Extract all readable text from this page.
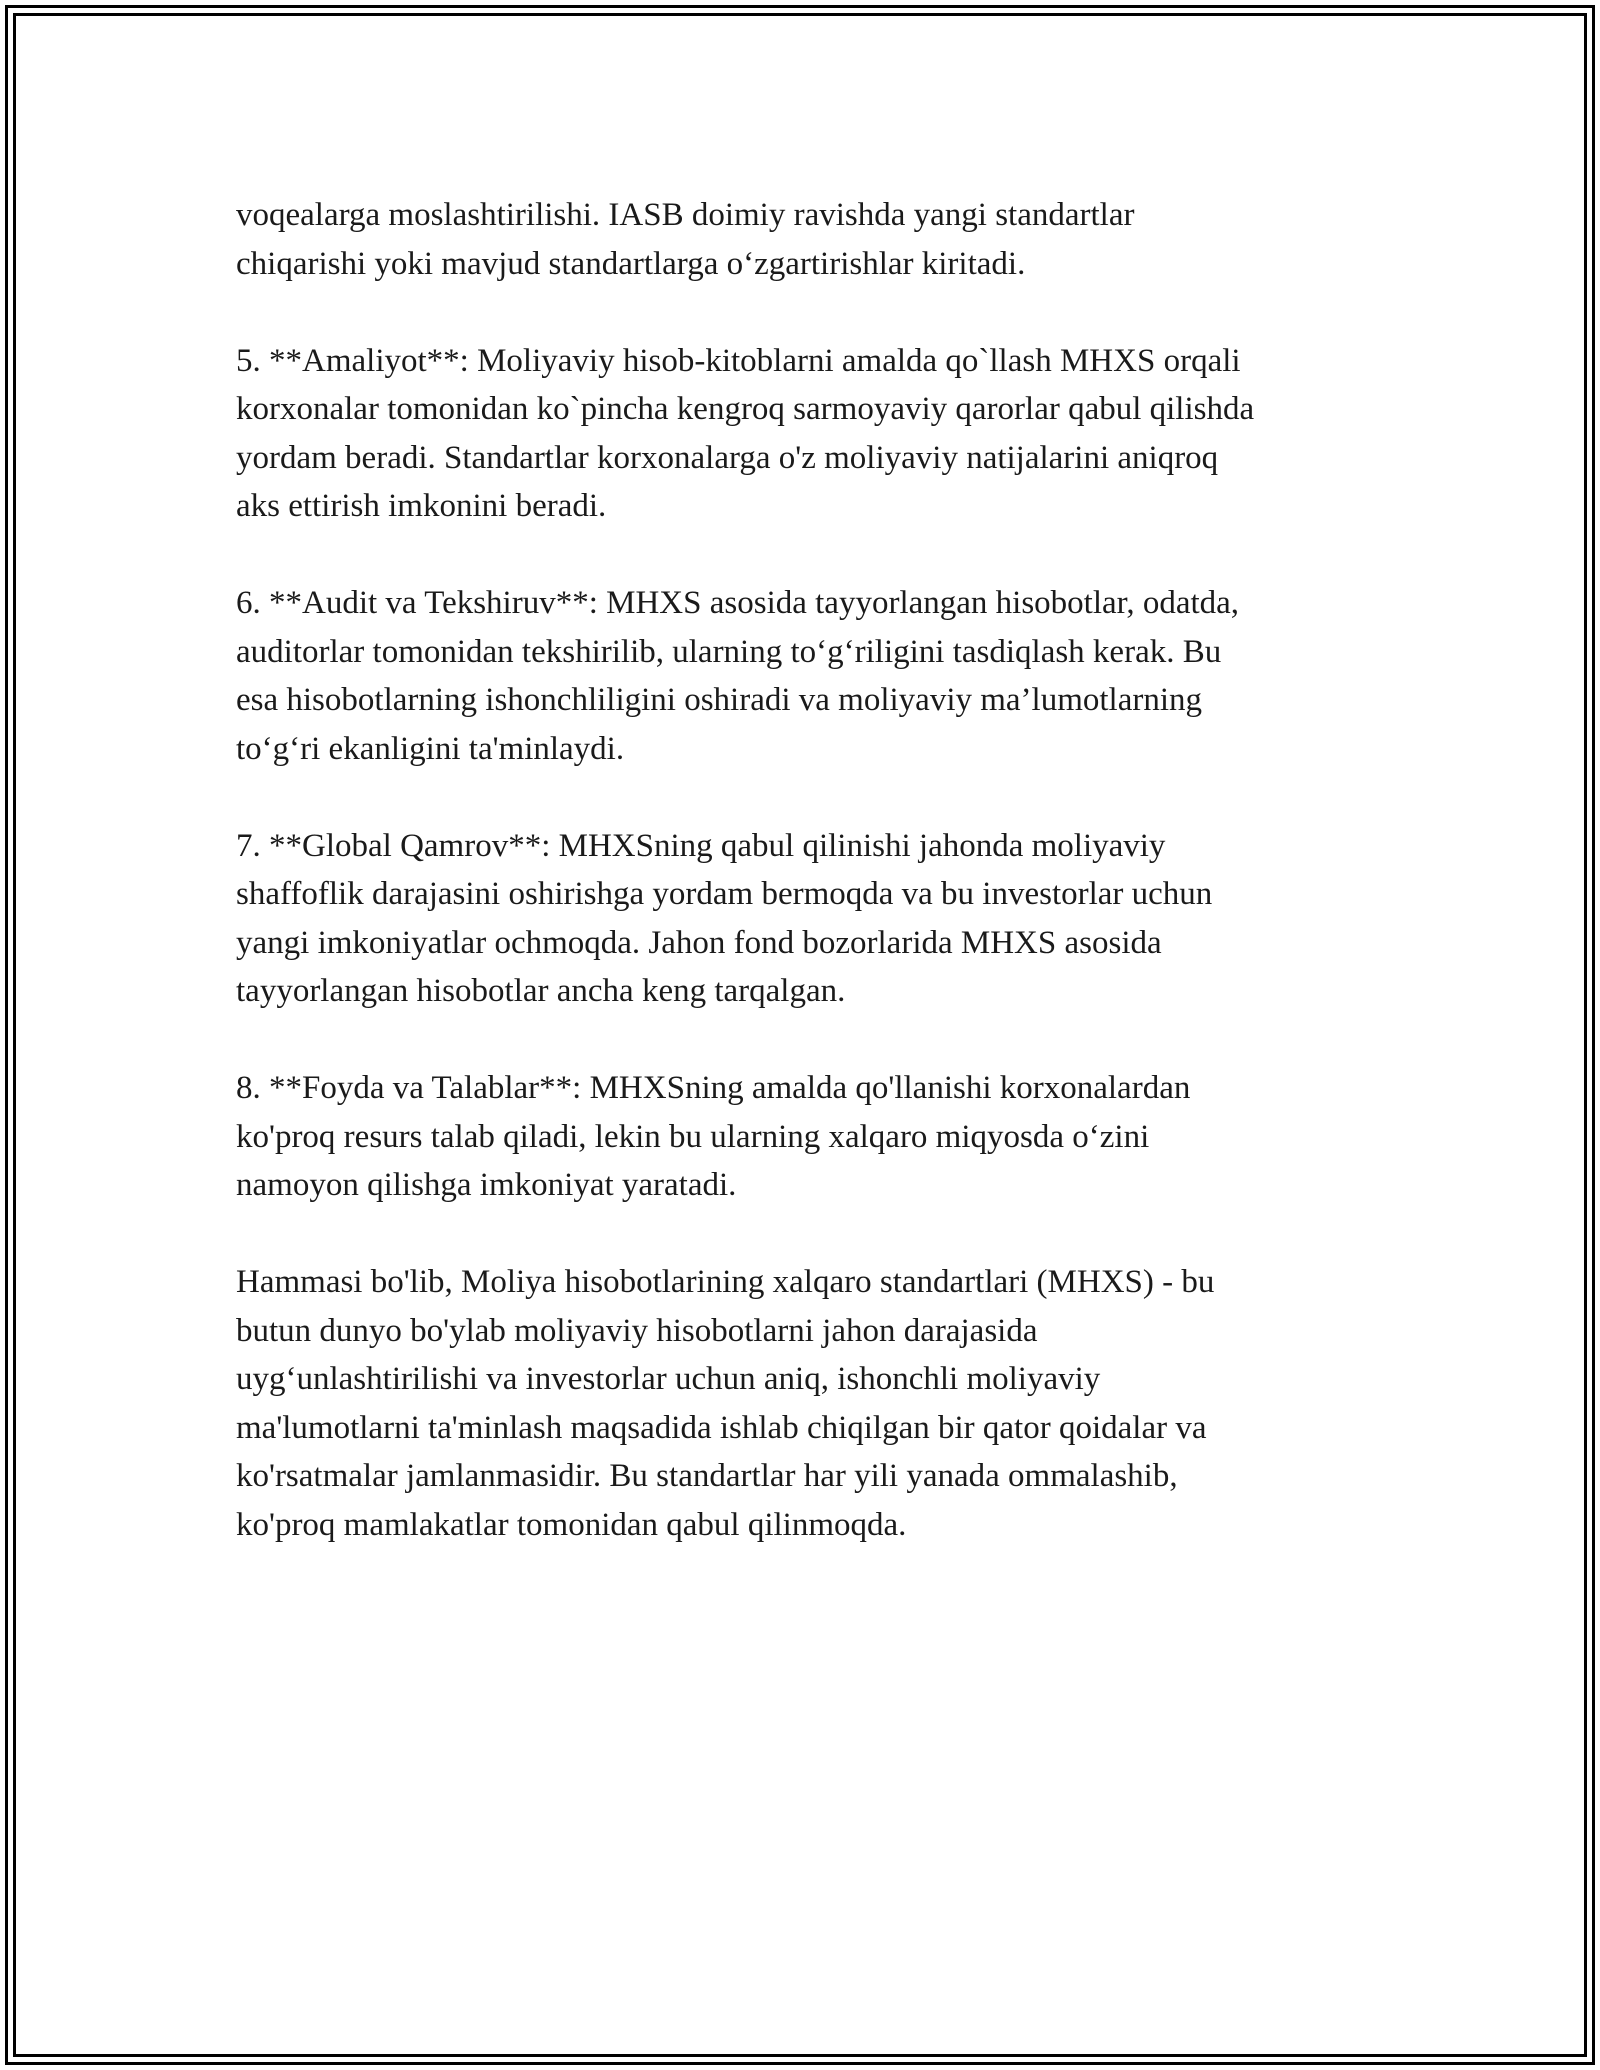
voqealarga moslashtirilishi. IASB doimiy ravishda yangi standartlar
chiqarishi yoki mavjud standartlarga o‘zgartirishlar kiritadi.

5. **Amaliyot**: Moliyaviy hisob-kitoblarni amalda qo`llash MHXS orqali
korxonalar tomonidan ko`pincha kengroq sarmoyaviy qarorlar qabul qilishda
yordam beradi. Standartlar korxonalarga o'z moliyaviy natijalarini aniqroq
aks ettirish imkonini beradi.

6. **Audit va Tekshiruv**: MHXS asosida tayyorlangan hisobotlar, odatda,
auditorlar tomonidan tekshirilib, ularning to‘g‘riligini tasdiqlash kerak. Bu
esa hisobotlarning ishonchliligini oshiradi va moliyaviy ma’lumotlarning
to‘g‘ri ekanligini ta'minlaydi.

7. **Global Qamrov**: MHXSning qabul qilinishi jahonda moliyaviy
shaffoflik darajasini oshirishga yordam bermoqda va bu investorlar uchun
yangi imkoniyatlar ochmoqda. Jahon fond bozorlarida MHXS asosida
tayyorlangan hisobotlar ancha keng tarqalgan.

8. **Foyda va Talablar**: MHXSning amalda qo'llanishi korxonalardan
ko'proq resurs talab qiladi, lekin bu ularning xalqaro miqyosda o‘zini
namoyon qilishga imkoniyat yaratadi.

Hammasi bo'lib, Moliya hisobotlarining xalqaro standartlari (MHXS) - bu
butun dunyo bo'ylab moliyaviy hisobotlarni jahon darajasida
uyg‘unlashtirilishi va investorlar uchun aniq, ishonchli moliyaviy
ma'lumotlarni ta'minlash maqsadida ishlab chiqilgan bir qator qoidalar va
ko'rsatmalar jamlanmasidir. Bu standartlar har yili yanada ommalashib,
ko'proq mamlakatlar tomonidan qabul qilinmoqda.
